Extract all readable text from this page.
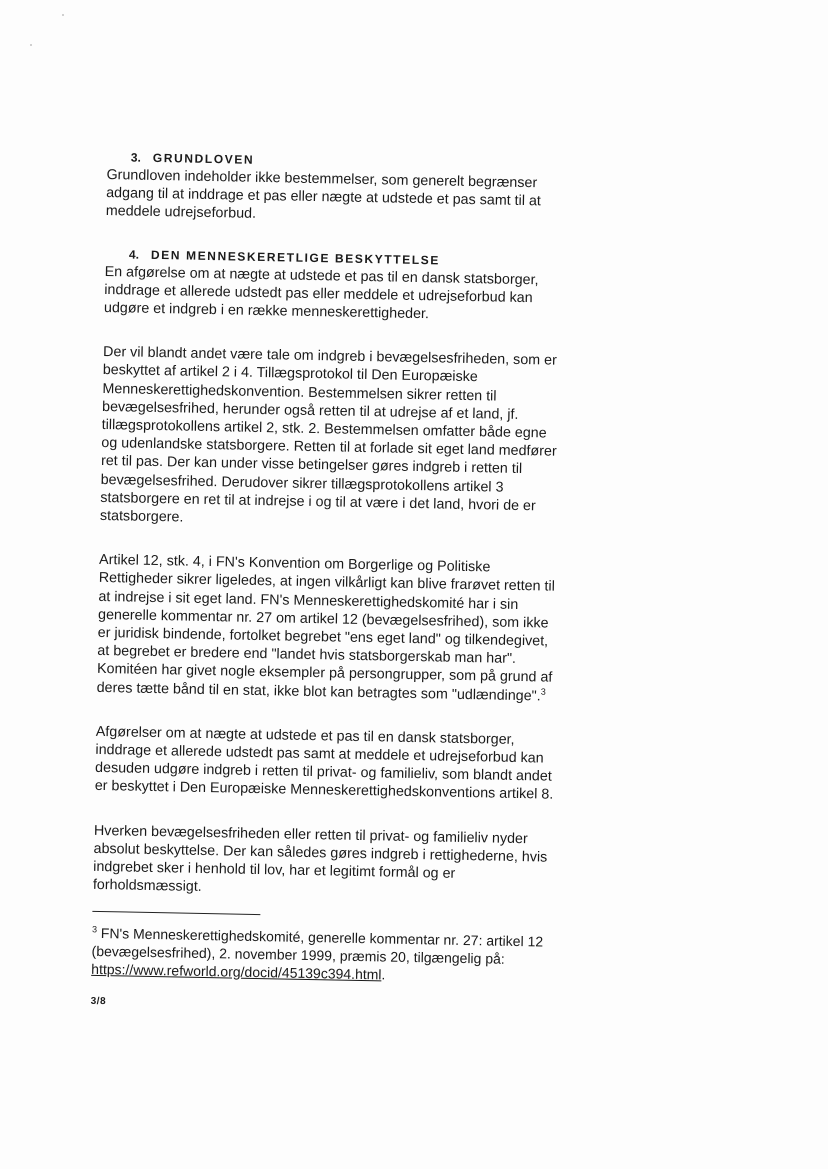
3. GRUNDLOVEN

Grundloven indeholder ikke bestemmelser, som generelt begrænser adgang til at inddrage et pas eller nægte at udstede et pas samt til at meddele udrejseforbud.

4. DEN MENNESKERETLIGE BESKYTTELSE

En afgørelse om at nægte at udstede et pas til en dansk statsborger, inddrage et allerede udstedt pas eller meddele et udrejseforbud kan udgøre et indgreb i en række menneskerettigheder.

Der vil blandt andet være tale om indgreb i bevægelsesfriheden, som er beskyttet af artikel 2 i 4. Tillægsprotokol til Den Europæiske Menneskerettighedskonvention. Bestemmelsen sikrer retten til bevægelsesfrihed, herunder også retten til at udrejse af et land, jf. tillægsprotokollens artikel 2, stk. 2. Bestemmelsen omfatter både egne og udenlandske statsborgere. Retten til at forlade sit eget land medfører ret til pas. Der kan under visse betingelser gøres indgreb i retten til bevægelsesfrihed. Derudover sikrer tillægsprotokollens artikel 3 statsborgere en ret til at indrejse i og til at være i det land, hvori de er statsborgere.

Artikel 12, stk. 4, i FN's Konvention om Borgerlige og Politiske Rettigheder sikrer ligeledes, at ingen vilkårligt kan blive frarøvet retten til at indrejse i sit eget land. FN's Menneskerettighedskomité har i sin generelle kommentar nr. 27 om artikel 12 (bevægelsesfrihed), som ikke er juridisk bindende, fortolket begrebet "ens eget land" og tilkendegivet, at begrebet er bredere end "landet hvis statsborgerskab man har". Komitéen har givet nogle eksempler på persongrupper, som på grund af deres tætte bånd til en stat, ikke blot kan betragtes som "udlændinge".$^3$

Afgørelser om at nægte at udstede et pas til en dansk statsborger, inddrage et allerede udstedt pas samt at meddele et udrejseforbud kan desuden udgøre indgreb i retten til privat- og familieliv, som blandt andet er beskyttet i Den Europæiske Menneskerettighedskonventions artikel 8.

Hverken bevægelsesfriheden eller retten til privat- og familieliv nyder absolut beskyttelse. Der kan således gøres indgreb i rettighederne, hvis indgrebet sker i henhold til lov, har et legitimt formål og er forholdsmæssigt.

$^3$ FN's Menneskerettighedskomité, generelle kommentar nr. 27: artikel 12 (bevægelsesfrihed), 2. november 1999, præmis 20, tilgængelig på: https://www.refworld.org/docid/45139c394.html.
3/8
